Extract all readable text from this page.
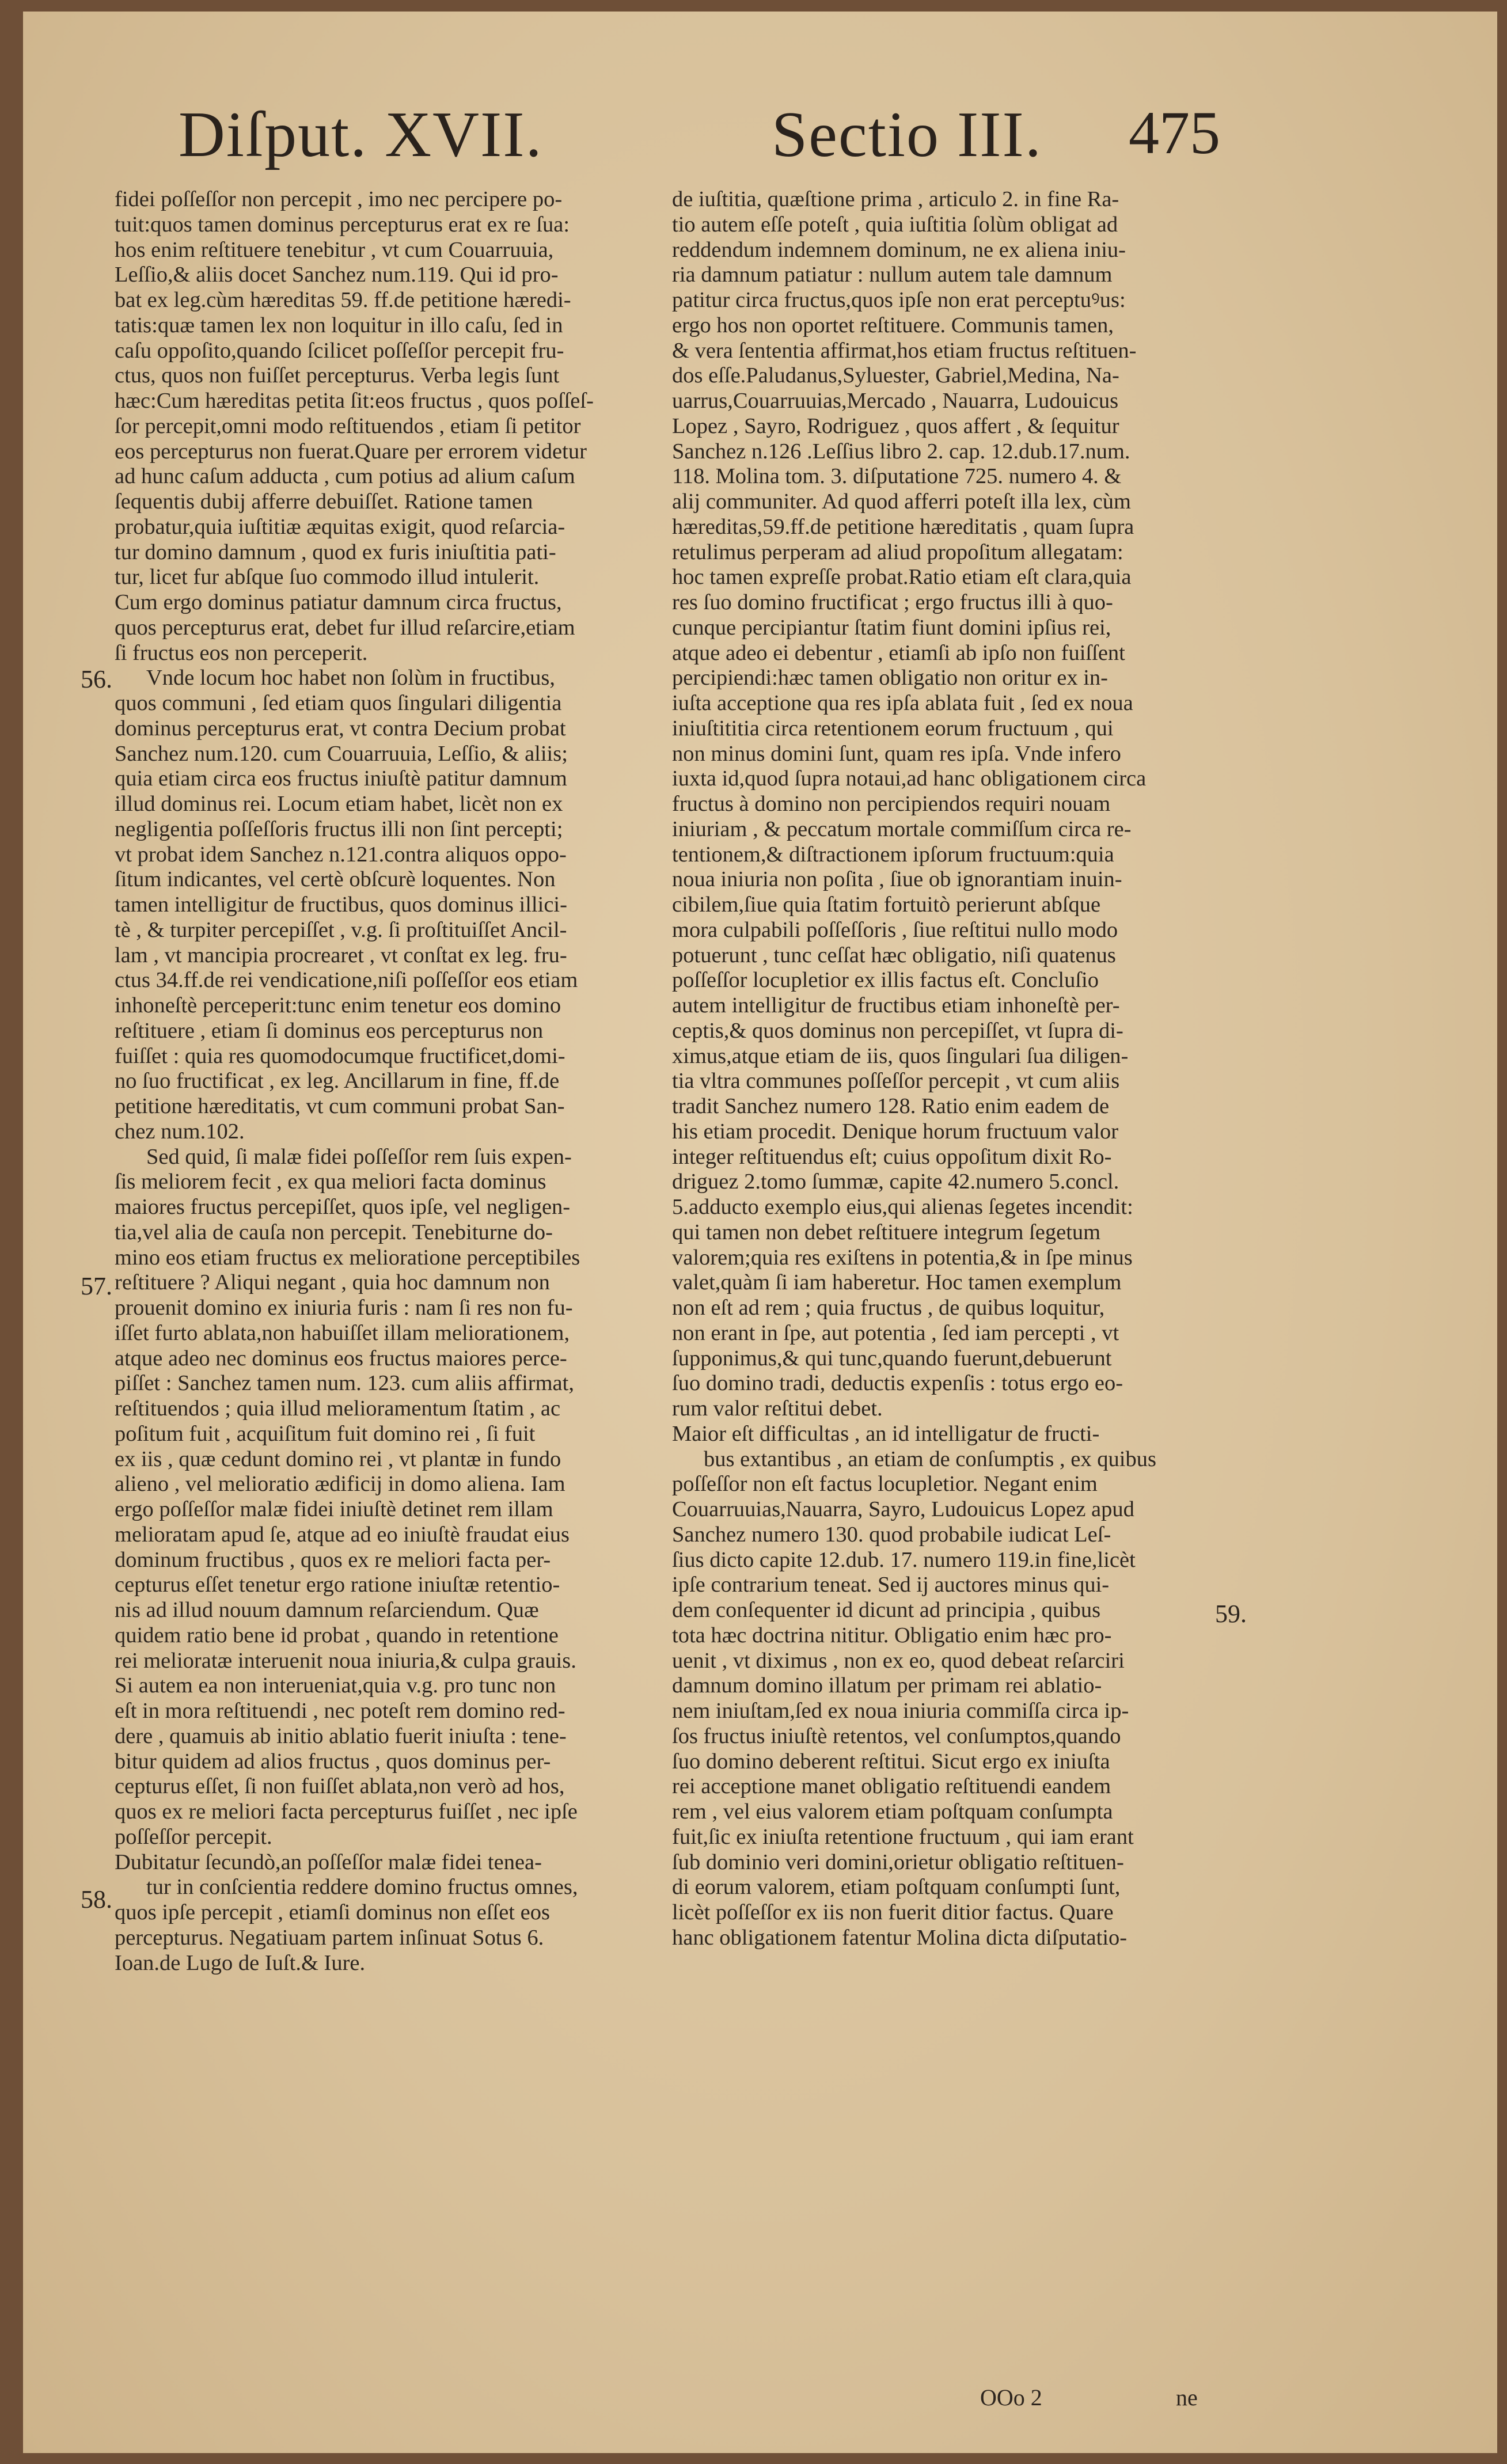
Diſput. XVII.	Sectio III. 475
fidei poſſeſſor non percepit , imo nec percipere po-
tuit:quos tamen dominus percepturus erat ex re ſua:
hos enim reſtituere tenebitur , vt cum Couarruuia,
Leſſio,& aliis docet Sanchez num.119. Qui id pro-
bat ex leg.cùm hæreditas 59. ff.de petitione hæredi-
tatis:quæ tamen lex non loquitur in illo caſu, ſed in
caſu oppoſito,quando ſcilicet poſſeſſor percepit fru-
ctus, quos non fuiſſet percepturus. Verba legis ſunt
hæc:Cum hæreditas petita ſit:eos fructus , quos poſſeſ-
ſor percepit,omni modo reſtituendos , etiam ſi petitor
eos percepturus non fuerat.Quare per errorem videtur
ad hunc caſum adducta , cum potius ad alium caſum
ſequentis dubij afferre debuiſſet. Ratione tamen
probatur,quia iuſtitiæ æquitas exigit, quod reſarcia-
tur domino damnum , quod ex furis iniuſtitia pati-
tur, licet fur abſque ſuo commodo illud intulerit.
Cum ergo dominus patiatur damnum circa fructus,
quos percepturus erat, debet fur illud reſarcire,etiam
ſi fructus eos non perceperit.
Vnde locum hoc habet non ſolùm in fructibus,
quos communi , ſed etiam quos ſingulari diligentia
dominus percepturus erat, vt contra Decium probat
Sanchez num.120. cum Couarruuia, Leſſio, & aliis;
quia etiam circa eos fructus iniuſtè patitur damnum
illud dominus rei. Locum etiam habet, licèt non ex
negligentia poſſeſſoris fructus illi non ſint percepti;
vt probat idem Sanchez n.121.contra aliquos oppo-
ſitum indicantes, vel certè obſcurè loquentes. Non
tamen intelligitur de fructibus, quos dominus illici-
tè , & turpiter percepiſſet , v.g. ſi proſtituiſſet Ancil-
lam , vt mancipia procrearet , vt conſtat ex leg. fru-
ctus 34.ff.de rei vendicatione,niſi poſſeſſor eos etiam
inhoneſtè perceperit:tunc enim tenetur eos domino
reſtituere , etiam ſi dominus eos percepturus non
fuiſſet : quia res quomodocumque fructificet,domi-
no ſuo fructificat , ex leg. Ancillarum in fine, ff.de
petitione hæreditatis, vt cum communi probat San-
chez num.102.
Sed quid, ſi malæ fidei poſſeſſor rem ſuis expen-
ſis meliorem fecit , ex qua meliori facta dominus
maiores fructus percepiſſet, quos ipſe, vel negligen-
tia,vel alia de cauſa non percepit. Tenebiturne do-
mino eos etiam fructus ex melioratione perceptibiles
reſtituere ? Aliqui negant , quia hoc damnum non
prouenit domino ex iniuria furis : nam ſi res non fu-
iſſet furto ablata,non habuiſſet illam meliorationem,
atque adeo nec dominus eos fructus maiores perce-
piſſet : Sanchez tamen num. 123. cum aliis affirmat,
reſtituendos ; quia illud melioramentum ſtatim , ac
poſitum fuit , acquiſitum fuit domino rei , ſi fuit
ex iis , quæ cedunt domino rei , vt plantæ in fundo
alieno , vel melioratio ædificij in domo aliena. Iam
ergo poſſeſſor malæ fidei iniuſtè detinet rem illam
melioratam apud ſe, atque ad eo iniuſtè fraudat eius
dominum fructibus , quos ex re meliori facta per-
cepturus eſſet tenetur ergo ratione iniuſtæ retentio-
nis ad illud nouum damnum reſarciendum. Quæ
quidem ratio bene id probat , quando in retentione
rei melioratæ interuenit noua iniuria,& culpa grauis.
Si autem ea non interueniat,quia v.g. pro tunc non
eſt in mora reſtituendi , nec poteſt rem domino red-
dere , quamuis ab initio ablatio fuerit iniuſta : tene-
bitur quidem ad alios fructus , quos dominus per-
cepturus eſſet, ſi non fuiſſet ablata,non verò ad hos,
quos ex re meliori facta percepturus fuiſſet , nec ipſe
poſſeſſor percepit.
Dubitatur ſecundò,an poſſeſſor malæ fidei tenea-
tur in conſcientia reddere domino fructus omnes,
quos ipſe percepit , etiamſi dominus non eſſet eos
percepturus. Negatiuam partem inſinuat Sotus 6.
Ioan.de Lugo de Iuſt.& Iure.
de iuſtitia, quæſtione prima , articulo 2. in fine Ra-
tio autem eſſe poteſt , quia iuſtitia ſolùm obligat ad
reddendum indemnem dominum, ne ex aliena iniu-
ria damnum patiatur : nullum autem tale damnum
patitur circa fructus,quos ipſe non erat perceptuꝰus:
ergo hos non oportet reſtituere. Communis tamen,
& vera ſententia affirmat,hos etiam fructus reſtituen-
dos eſſe.Paludanus,Syluester, Gabriel,Medina, Na-
uarrus,Couarruuias,Mercado , Nauarra, Ludouicus
Lopez , Sayro, Rodriguez , quos affert , & ſequitur
Sanchez n.126 .Leſſius libro 2. cap. 12.dub.17.num.
118. Molina tom. 3. diſputatione 725. numero 4. &
alij communiter. Ad quod afferri poteſt illa lex, cùm
hæreditas,59.ff.de petitione hæreditatis , quam ſupra
retulimus perperam ad aliud propoſitum allegatam:
hoc tamen expreſſe probat.Ratio etiam eſt clara,quia
res ſuo domino fructificat ; ergo fructus illi à quo-
cunque percipiantur ſtatim fiunt domini ipſius rei,
atque adeo ei debentur , etiamſi ab ipſo non fuiſſent
percipiendi:hæc tamen obligatio non oritur ex in-
iuſta acceptione qua res ipſa ablata fuit , ſed ex noua
iniuſtititia circa retentionem eorum fructuum , qui
non minus domini ſunt, quam res ipſa. Vnde infero
iuxta id,quod ſupra notaui,ad hanc obligationem circa
fructus à domino non percipiendos requiri nouam
iniuriam , & peccatum mortale commiſſum circa re-
tentionem,& diſtractionem ipſorum fructuum:quia
noua iniuria non poſita , ſiue ob ignorantiam inuin-
cibilem,ſiue quia ſtatim fortuitò perierunt abſque
mora culpabili poſſeſſoris , ſiue reſtitui nullo modo
potuerunt , tunc ceſſat hæc obligatio, niſi quatenus
poſſeſſor locupletior ex illis factus eſt. Concluſio
autem intelligitur de fructibus etiam inhoneſtè per-
ceptis,& quos dominus non percepiſſet, vt ſupra di-
ximus,atque etiam de iis, quos ſingulari ſua diligen-
tia vltra communes poſſeſſor percepit , vt cum aliis
tradit Sanchez numero 128. Ratio enim eadem de
his etiam procedit. Denique horum fructuum valor
integer reſtituendus eſt; cuius oppoſitum dixit Ro-
driguez 2.tomo ſummæ, capite 42.numero 5.concl.
5.adducto exemplo eius,qui alienas ſegetes incendit:
qui tamen non debet reſtituere integrum ſegetum
valorem;quia res exiſtens in potentia,& in ſpe minus
valet,quàm ſi iam haberetur. Hoc tamen exemplum
non eſt ad rem ; quia fructus , de quibus loquitur,
non erant in ſpe, aut potentia , ſed iam percepti , vt
ſupponimus,& qui tunc,quando fuerunt,debuerunt
ſuo domino tradi, deductis expenſis : totus ergo eo-
rum valor reſtitui debet.
Maior eſt difficultas , an id intelligatur de fructi-
bus extantibus , an etiam de conſumptis , ex quibus
poſſeſſor non eſt factus locupletior. Negant enim
Couarruuias,Nauarra, Sayro, Ludouicus Lopez apud
Sanchez numero 130. quod probabile iudicat Leſ-
ſius dicto capite 12.dub. 17. numero 119.in fine,licèt
ipſe contrarium teneat. Sed ij auctores minus qui-
dem conſequenter id dicunt ad principia , quibus
tota hæc doctrina nititur. Obligatio enim hæc pro-
uenit , vt diximus , non ex eo, quod debeat reſarciri
damnum domino illatum per primam rei ablatio-
nem iniuſtam,ſed ex noua iniuria commiſſa circa ip-
ſos fructus iniuſtè retentos, vel conſumptos,quando
ſuo domino deberent reſtitui. Sicut ergo ex iniuſta
rei acceptione manet obligatio reſtituendi eandem
rem , vel eius valorem etiam poſtquam conſumpta
fuit,ſic ex iniuſta retentione fructuum , qui iam erant
ſub dominio veri domini,orietur obligatio reſtituen-
di eorum valorem, etiam poſtquam conſumpti ſunt,
licèt poſſeſſor ex iis non fuerit ditior factus. Quare
hanc obligationem fatentur Molina dicta diſputatio-
56.
57.
58.
59.
OOo 2	ne
